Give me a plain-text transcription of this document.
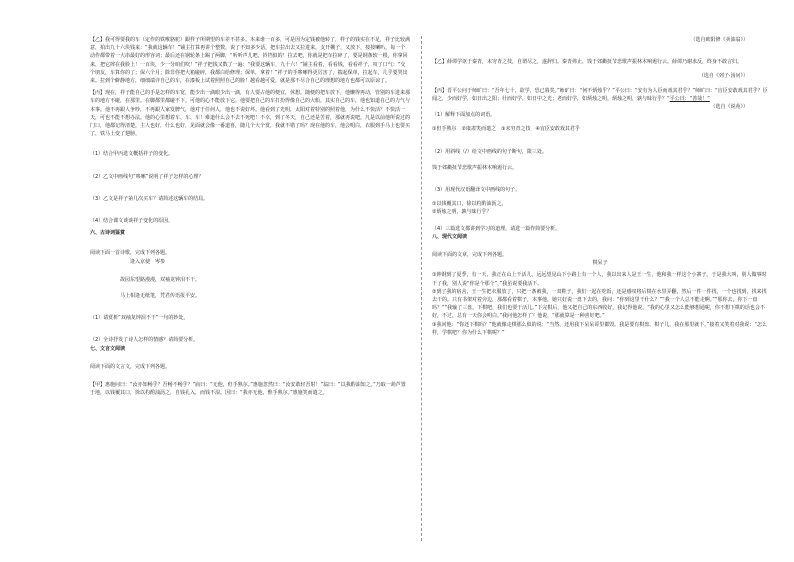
【乙】我可得要我的车（定作的铁喉骆驼）跟样子所期望的车差不甚多。本来谁一百多，可是因为定钱被他转了，样子的钱实在不足，祥子比较满意，拍出九十六块钱来：“我就这辆车！”铺主打算再讲个整数，说了不知多少话，把车拉出去又拉进来，支开棚子，又放下，按按喇叭，每一个动作都带着一大串最好的形容词；最后还在钢轮条上踢了两脚，“听听声儿吧，铃铛似的！拉去吧，你就是把车拉碎了，要是钢条软一根，你拿回来，把它摔在我脸上！一百块，少一分咱们吹！”祥子把钱又数了一遍：“我要这辆车，九十六！”铺主看着，看看钱，看看祥子，叹了口气：“交个朋友，车算你的了；保六个月；除非你把大箱碰碎，我都白给修理；保单，拿着！”祥子的手哆嗦得更厉害了，揣起保单，拉起车，几乎要哭出来。拉到个僻静地方，细细端详自己的车，在漆板上试着照照自己的脸！越看越可爱，就是那不尽合自己的理想的地方也都可以原谅了。

【丙】现在，祥子能自己的手是怎样的车宽，能少出一滴眼少出一滴，有人要占他的便宜，休想。随便的把车放下，他懒得再动，管别的车进来那车的地方不碰，在那里。在脚都里都碰不下。可他的心不能放下它。他要把自己的车打扮得像自己的大船。其实自己的车，他也知道自己的力气与本事。他不再跟人争吵，不再跟人家发脾气，他对于任何人，他也不说好坏。他看到了光明，太阳对着特别的照着他，为什么不快活？不快活一天，可也不能不想办法。他的心里想着车、车、车！难道什么会不去不死吧！不幸，到了冬天，自己还是苦着，那就再说吧。凡是以前他所说过的门口，他都记得清楚。主人也好，什么也好，见面就会像一番道喜，随几个大个赏，我就不错了吗？现在他的车，他会明白，衣服到手马上也要买了，铁马上变了翅膀。

（1）结合甲丙选文概括祥子的变化。

（2）乙文中画线句“哆嗦”说明了祥子怎样的心理？

（3）乙文是祥子第几次买车？请简述这辆车的结局。

（4）结合课文谈谈祥子变化的原因。

六、古诗词鉴赏

阅读下面一首诗歌，完成下列各题。

逢入京使　岑参

故园东望路漫漫，双袖龙钟泪不干。

马上相逢无纸笔，凭君传语报平安。

（1）请赏析“双袖龙钟泪不干”一句的妙处。

（2）全诗抒发了诗人怎样的情感？请简要分析。

七、文言文阅读

阅读下面的文言文，完成下列各题。

【甲】惠施问曰：“汝亦知畅乎？吾畅不畅乎？”庙曰：“无他，但手熟尔。”惠施忽然曰：“汝安敢轻吾射！”翁曰：“以我酌油知之。”乃取一葫芦置于地，以钱覆其口，徐以杓酌油沥之，自钱孔入，而钱不湿。因曰：“我亦无他，惟手熟尔。”惠施笑而遣之。

（选自欧阳修《卖油翁》）

【乙】薛谭学讴于秦青，未穷青之技，自谓尽之，遂辞归。秦青弗止，饯于郊衢抚节悲歌声振林木响遏行云。薛谭乃谢求反，终身不敢言归。

（选自《列子·汤问》）

【丙】晋平公问于师旷曰：“吾年七十，欲学，恐已暮矣。”师旷曰：“何不炳烛乎？”平公曰：“安有为人臣而戏其君乎？”师旷曰：“盲臣安敢戏其君乎？臣闻之，少而好学，如日出之阳；壮而好学，如日中之光；老而好学，如炳烛之明。炳烛之明，孰与昧行乎？”平公曰：“善哉！”

（选自《说苑》）

（1）解释下面加点的词语。

①但手熟尔　②康肃笑而遣之　③未穷青之技　④盲臣安敢戏其君乎

（2）用斜线（/）给文中画线的句子断句，限三处。

饯于郊衢抚节悲歌声振林木响遏行云。

（3）用现代汉语翻译文中画线的句子。

①以钱覆其口，徐以杓酌油沥之。

②炳烛之明，孰与昧行乎？

（4）三篇选文都讲到学习的道理，请选一篇作简要分析。

八、现代文阅读

阅读下面的文章，完成下列各题。

棋呆子

①钟钢到了夏季，有一天，我正在山上干活儿，远远望见山下小路上有一个人，我以出来人是王一生，他和我一样这个小寨子。于是我大叫，别人做事时干了我，别人说“你是个那个”，”我虽说要我活下。

②到了我的宿舍，王一生把衣服放了，只把一条被我，一双鞋子。我们一起在吃饭，还是感叹将后棋在水里弄翻，然后一件一件找，一个也找到，找来找去干的。只有书架对着旁边，那都看着棋子，本事他，她只好说一盘下去的，我问：“你到这里干什么？”“我一个人总不能走啊。”“那你去，你下一盘吗？”“我输了三盘。下棋吧，我们也要干活儿。”下完棋后，他又把自己的东西收好，我记得他说，“我的心里又怎么能够想通呢，你不想下棋的话也会不好，不过，总有一天你会明白。”我问他怎样了？他说，“那就算是一种喜好吧。”

③我问他：“你还下棋吗？”他就像走棋那么似的说：“当然，还用我下呆呆哥里都毁。我是要有棋盘、棋子儿，我在那里就下。”接着又笑着对我说：“怎么样，学棋吧？你为什么下棋呢？”
